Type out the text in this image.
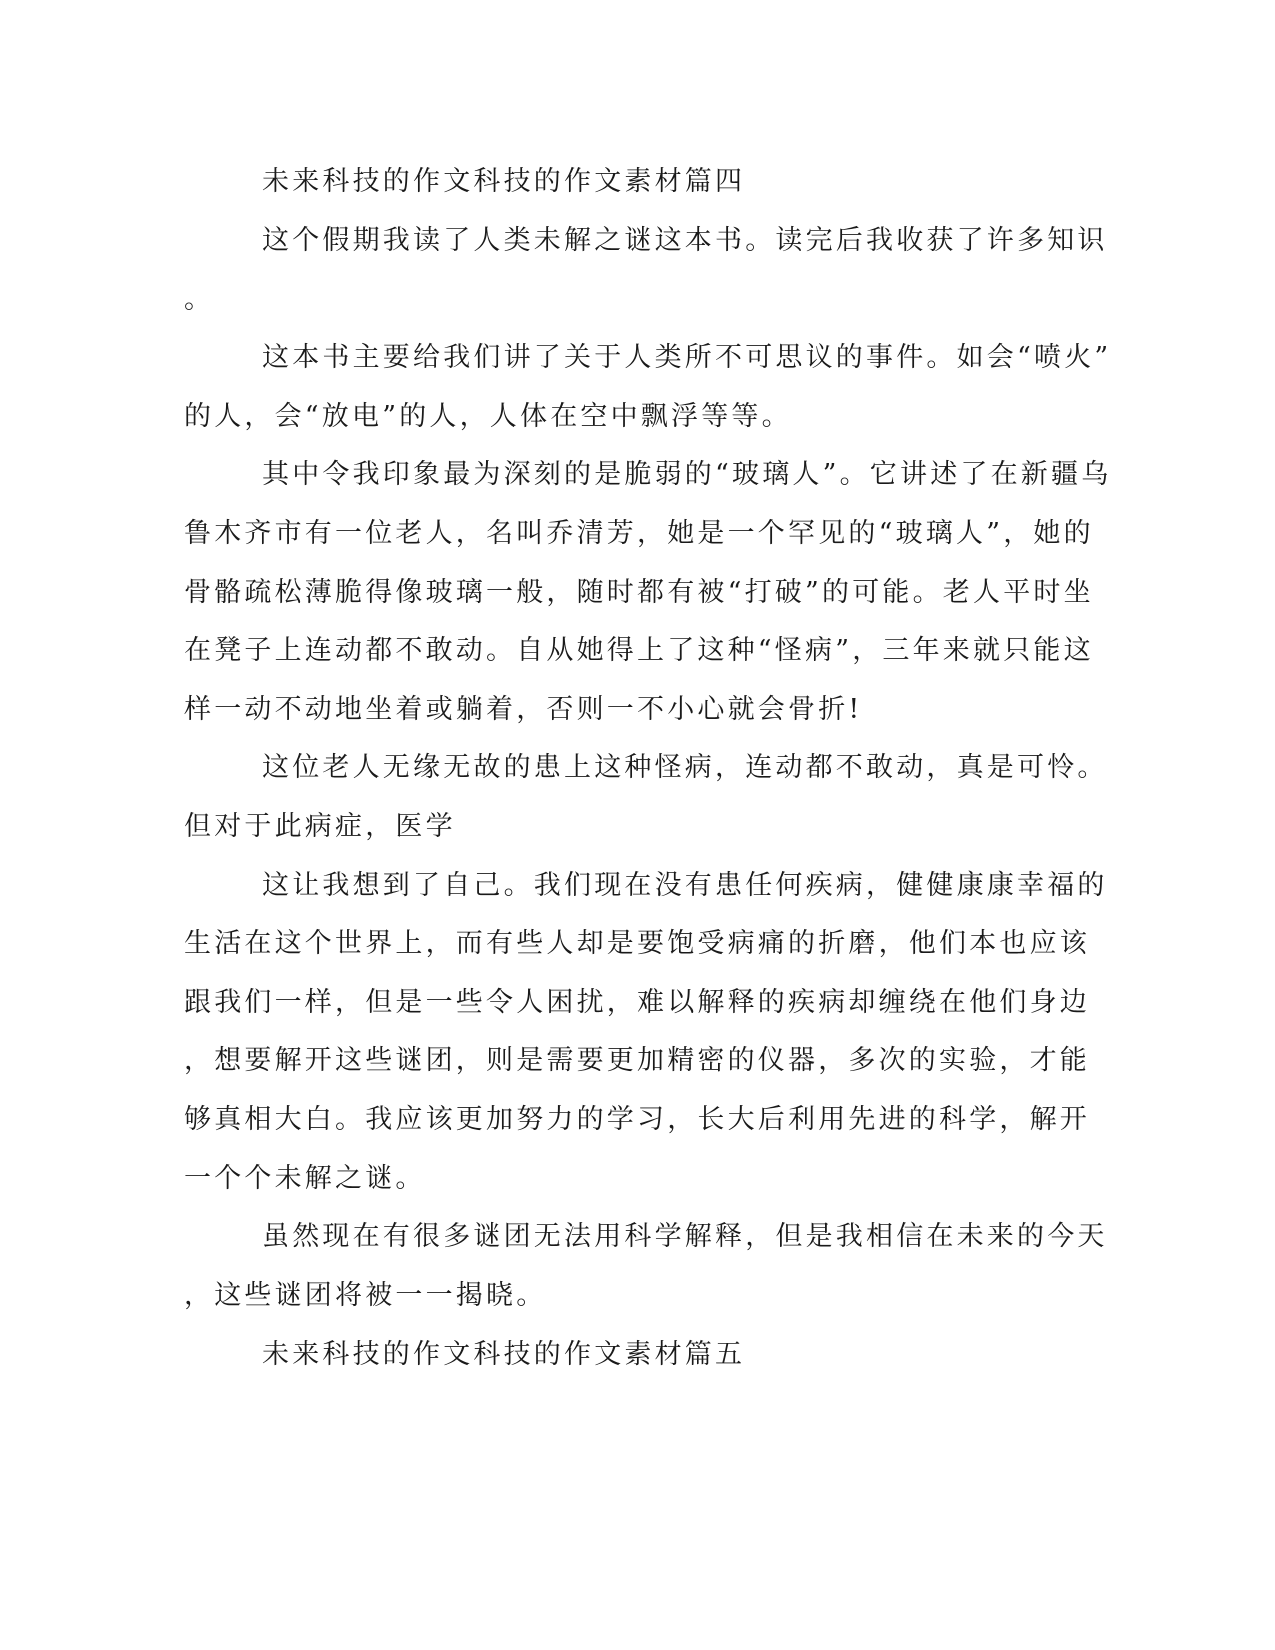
未来科技的作文科技的作文素材篇四
这个假期我读了人类未解之谜这本书。读完后我收获了许多知识
。
这本书主要给我们讲了关于人类所不可思议的事件。如会“喷火”
的人，会“放电”的人，人体在空中飘浮等等。
其中令我印象最为深刻的是脆弱的“玻璃人”。它讲述了在新疆乌
鲁木齐市有一位老人，名叫乔清芳，她是一个罕见的“玻璃人”，她的
骨骼疏松薄脆得像玻璃一般，随时都有被“打破”的可能。老人平时坐
在凳子上连动都不敢动。自从她得上了这种“怪病”，三年来就只能这
样一动不动地坐着或躺着，否则一不小心就会骨折!
这位老人无缘无故的患上这种怪病，连动都不敢动，真是可怜。
但对于此病症，医学
这让我想到了自己。我们现在没有患任何疾病，健健康康幸福的
生活在这个世界上，而有些人却是要饱受病痛的折磨，他们本也应该
跟我们一样，但是一些令人困扰，难以解释的疾病却缠绕在他们身边
，想要解开这些谜团，则是需要更加精密的仪器，多次的实验，才能
够真相大白。我应该更加努力的学习，长大后利用先进的科学，解开
一个个未解之谜。
虽然现在有很多谜团无法用科学解释，但是我相信在未来的今天
，这些谜团将被一一揭晓。
未来科技的作文科技的作文素材篇五
